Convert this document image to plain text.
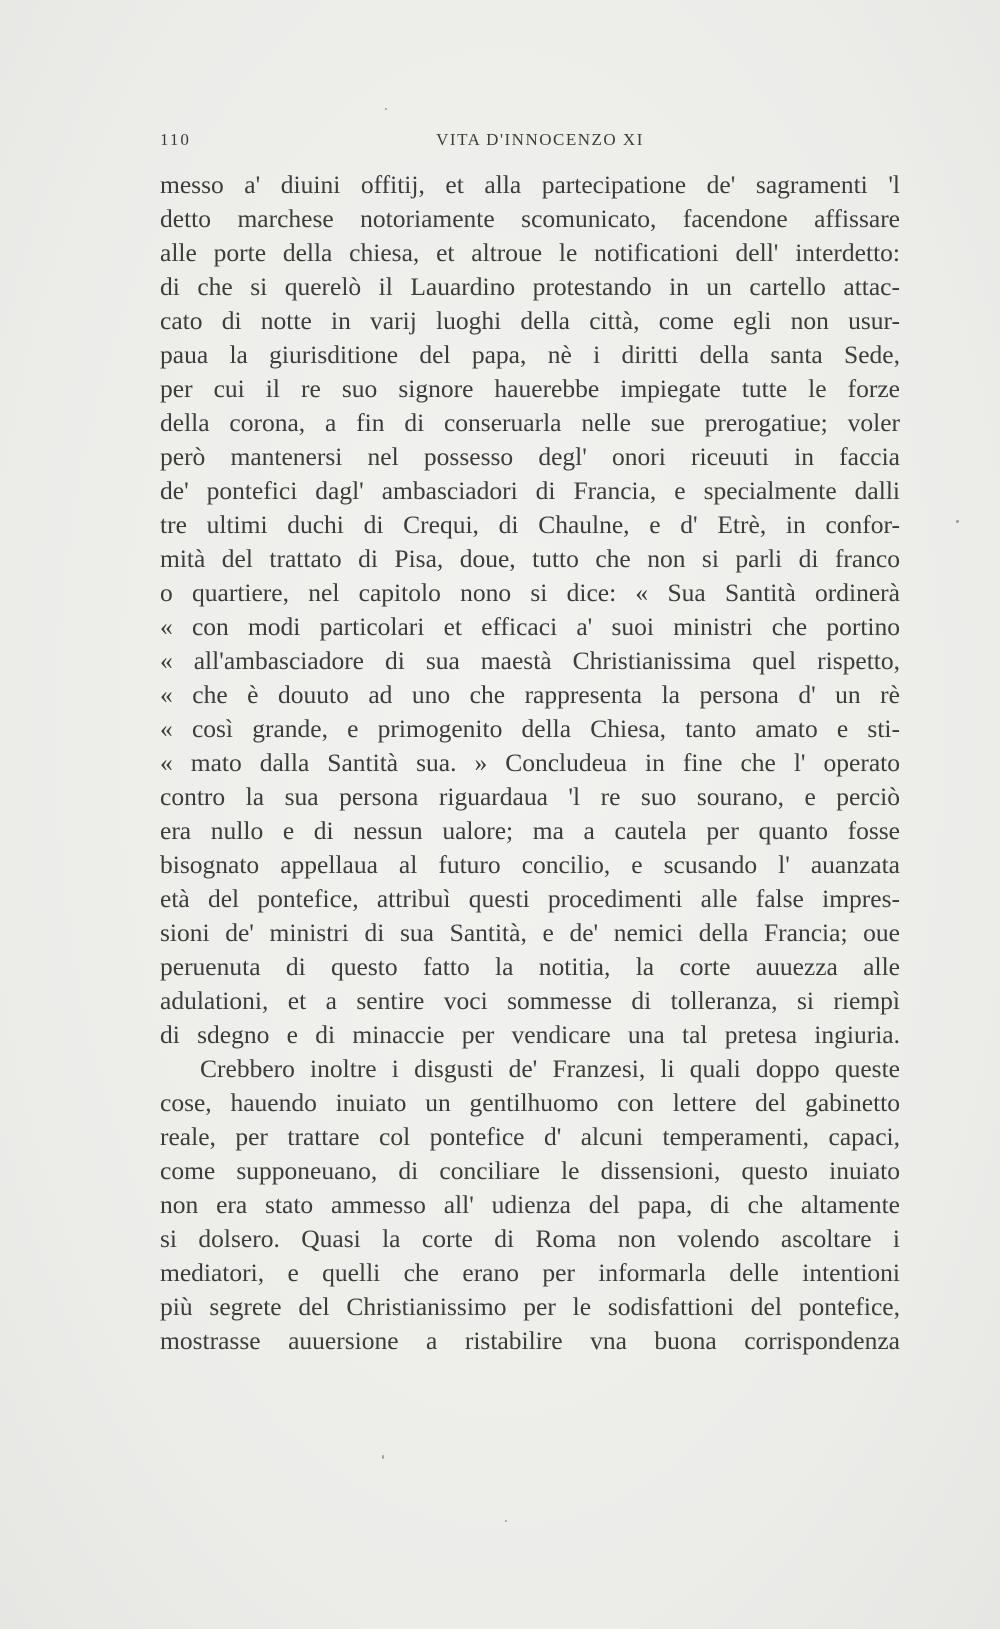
110	VITA D'INNOCENZO XI
messo a' diuini offitij, et alla partecipatione de' sagramenti 'l
detto marchese notoriamente scomunicato, facendone affissare
alle porte della chiesa, et altroue le notificationi dell' interdetto:
di che si querelò il Lauardino protestando in un cartello attac-
cato di notte in varij luoghi della città, come egli non usur-
paua la giurisditione del papa, nè i diritti della santa Sede,
per cui il re suo signore hauerebbe impiegate tutte le forze
della corona, a fin di conseruarla nelle sue prerogatiue; voler
però mantenersi nel possesso degl' onori riceuuti in faccia
de' pontefici dagl' ambasciadori di Francia, e specialmente dalli
tre ultimi duchi di Crequi, di Chaulne, e d' Etrè, in confor-
mità del trattato di Pisa, doue, tutto che non si parli di franco
o quartiere, nel capitolo nono si dice: « Sua Santità ordinerà
« con modi particolari et efficaci a' suoi ministri che portino
« all'ambasciadore di sua maestà Christianissima quel rispetto,
« che è douuto ad uno che rappresenta la persona d' un rè
« così grande, e primogenito della Chiesa, tanto amato e sti-
« mato dalla Santità sua. » Concludeua in fine che l' operato
contro la sua persona riguardaua 'l re suo sourano, e perciò
era nullo e di nessun ualore; ma a cautela per quanto fosse
bisognato appellaua al futuro concilio, e scusando l' auanzata
età del pontefice, attribuì questi procedimenti alle false impres-
sioni de' ministri di sua Santità, e de' nemici della Francia; oue
peruenuta di questo fatto la notitia, la corte auuezza alle
adulationi, et a sentire voci sommesse di tolleranza, si riempì
di sdegno e di minaccie per vendicare una tal pretesa ingiuria.
Crebbero inoltre i disgusti de' Franzesi, li quali doppo queste
cose, hauendo inuiato un gentilhuomo con lettere del gabinetto
reale, per trattare col pontefice d' alcuni temperamenti, capaci,
come supponeuano, di conciliare le dissensioni, questo inuiato
non era stato ammesso all' udienza del papa, di che altamente
si dolsero. Quasi la corte di Roma non volendo ascoltare i
mediatori, e quelli che erano per informarla delle intentioni
più segrete del Christianissimo per le sodisfattioni del pontefice,
mostrasse auuersione a ristabilire vna buona corrispondenza
